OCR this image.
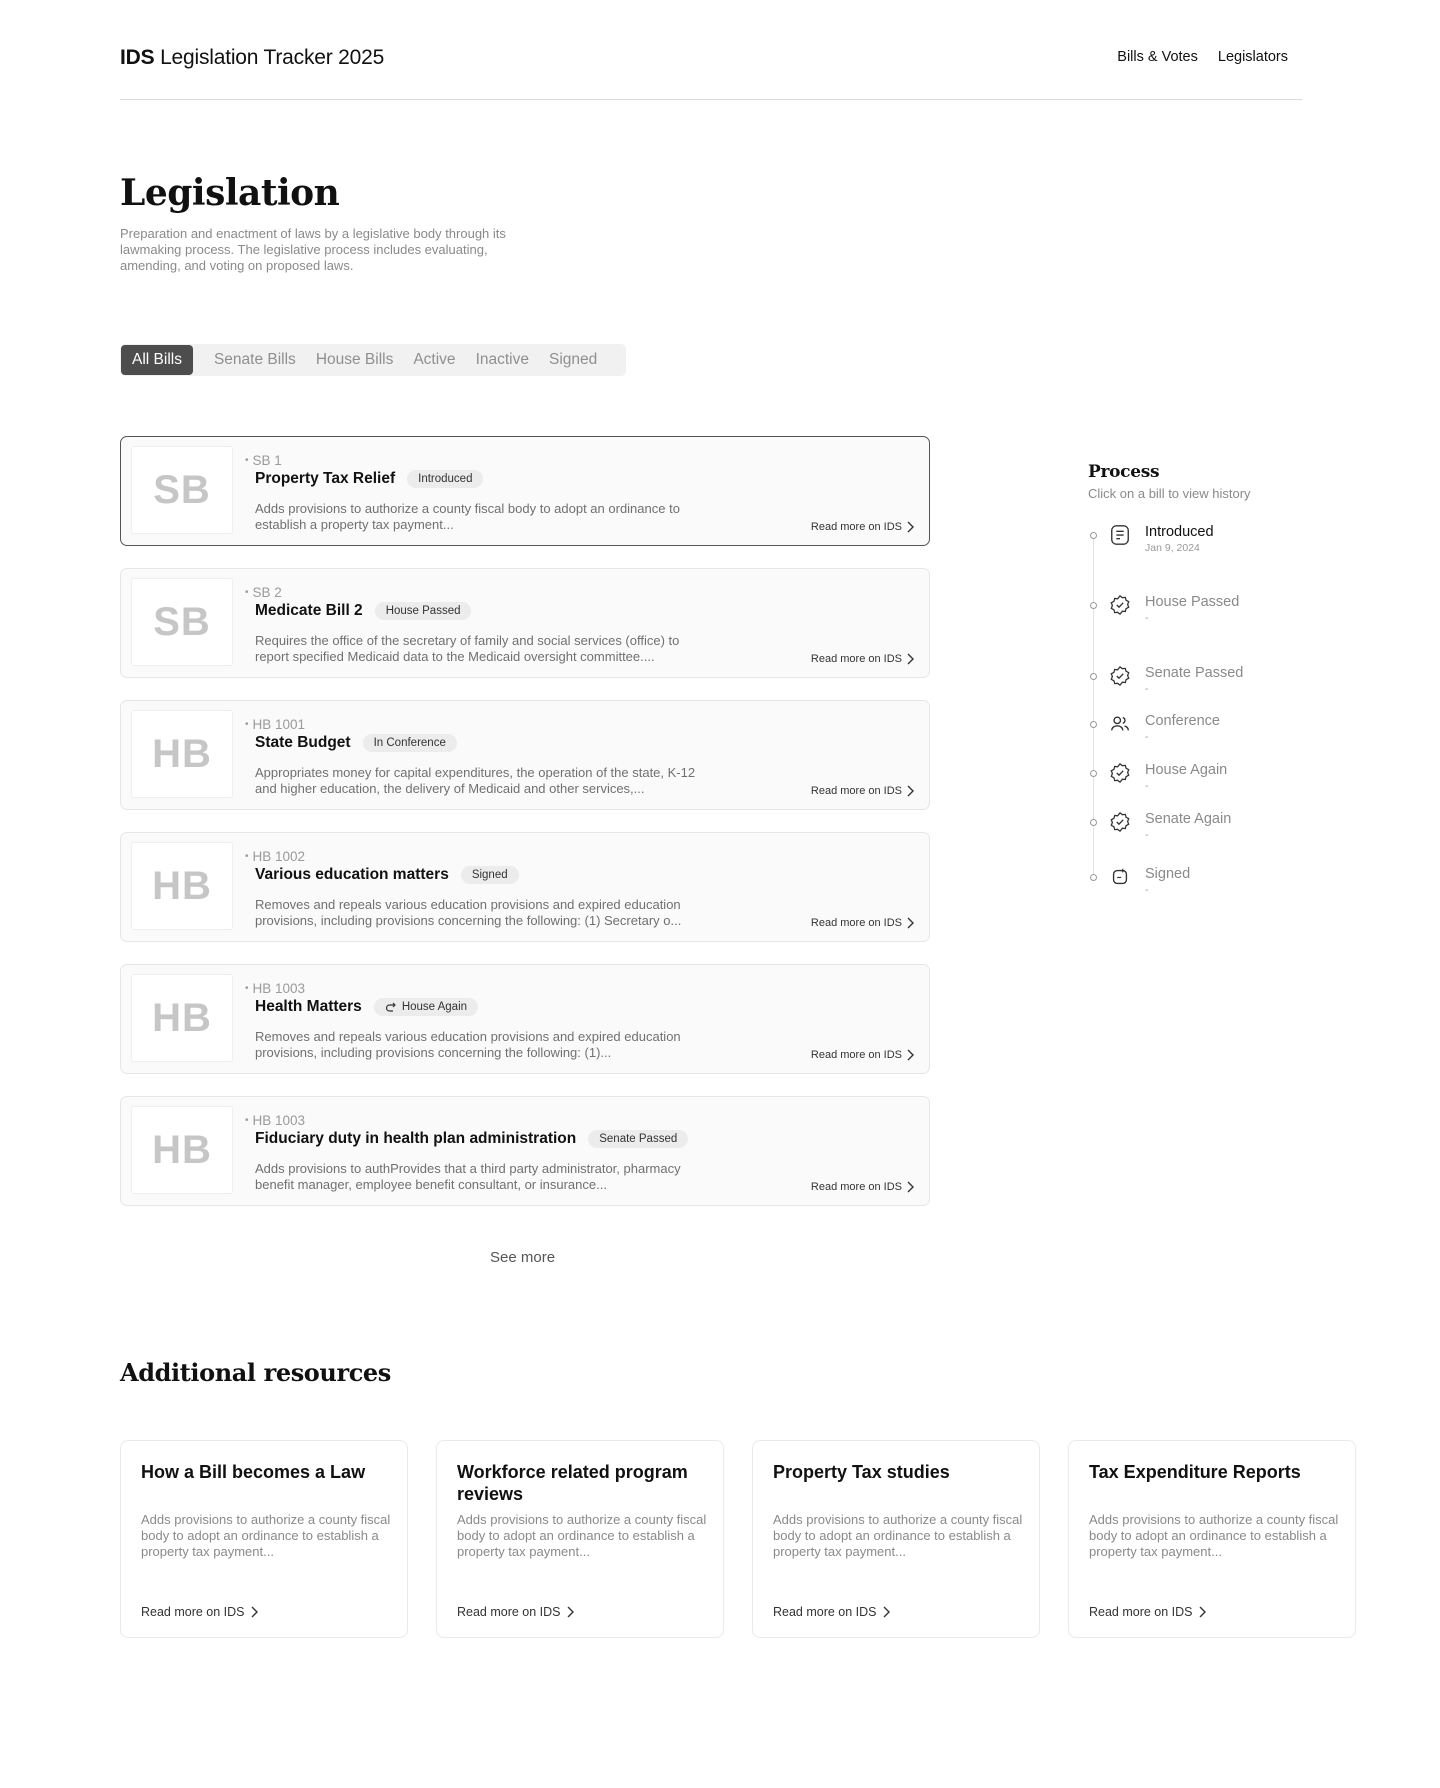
IDS Legislation Tracker 2025	Bills & Votes Legislators
Legislation

Preparation and enactment of laws by a legislative body through its lawmaking process. The legislative process includes evaluating, amending, and voting on proposed laws.

All Bills	Senate Bills	House Bills	Active	Inactive	Signed
SB
• SB 1
Property Tax Relief Introduced
Adds provisions to authorize a county fiscal body to adopt an ordinance to establish a property tax payment...	Read more on IDS
SB
• SB 2
Medicate Bill 2 House Passed
Requires the office of the secretary of family and social services (office) to report specified Medicaid data to the Medicaid oversight committee....	Read more on IDS
HB
• HB 1001
State Budget In Conference
Appropriates money for capital expenditures, the operation of the state, K-12 and higher education, the delivery of Medicaid and other services,...	Read more on IDS
HB
• HB 1002
Various education matters Signed
Removes and repeals various education provisions and expired education provisions, including provisions concerning the following: (1) Secretary o...	Read more on IDS
HB
• HB 1003
Health Matters	House Again
Removes and repeals various education provisions and expired education provisions, including provisions concerning the following: (1)...	Read more on IDS
HB
• HB 1003
Fiduciary duty in health plan administration Senate Passed
Adds provisions to authProvides that a third party administrator, pharmacy benefit manager, employee benefit consultant, or insurance...	Read more on IDS
See more
Process
Click on a bill to view history
Introduced
Jan 9, 2024
House Passed
-
Senate Passed
-
Conference
-
House Again
-
Senate Again
-
Signed
-
Additional resources
How a Bill becomes a Law
Adds provisions to authorize a county fiscal body to adopt an ordinance to establish a property tax payment...
Read more on IDS
Workforce related program reviews
Adds provisions to authorize a county fiscal body to adopt an ordinance to establish a property tax payment...
Read more on IDS
Property Tax studies
Adds provisions to authorize a county fiscal body to adopt an ordinance to establish a property tax payment...
Read more on IDS
Tax Expenditure Reports
Adds provisions to authorize a county fiscal body to adopt an ordinance to establish a property tax payment...
Read more on IDS
